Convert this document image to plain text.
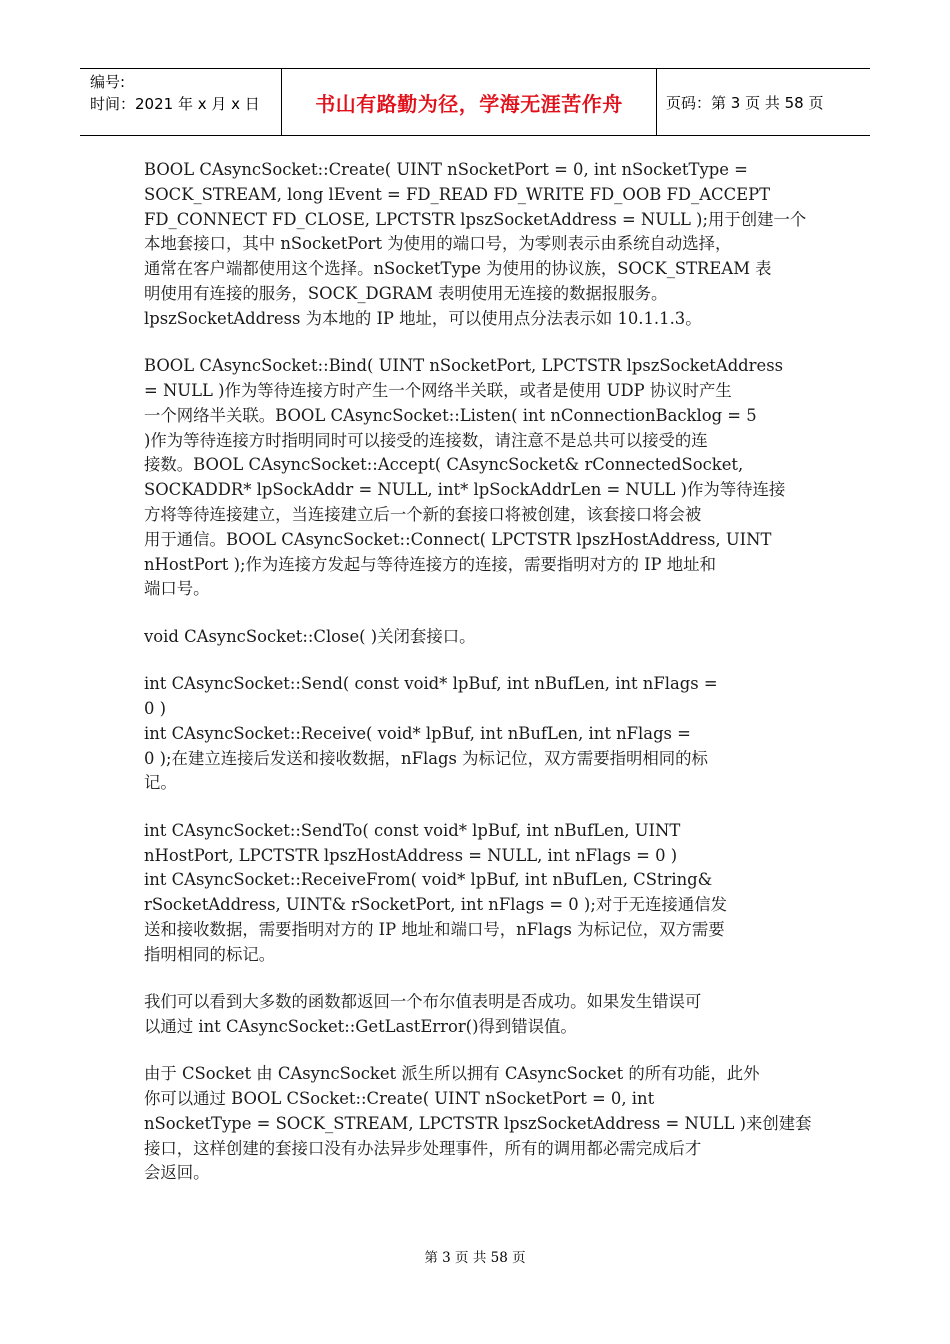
编号:
时间：2021 年 x 月 x 日	书山有路勤为径，学海无涯苦作舟	页码：第 3 页 共 58 页

BOOL CAsyncSocket::Create( UINT nSocketPort = 0, int nSocketType =
SOCK_STREAM, long lEvent = FD_READ FD_WRITE FD_OOB FD_ACCEPT
FD_CONNECT FD_CLOSE, LPCTSTR lpszSocketAddress = NULL );用于创建一个
本地套接口，其中 nSocketPort 为使用的端口号，为零则表示由系统自动选择，
通常在客户端都使用这个选择。nSocketType 为使用的协议族，SOCK_STREAM 表
明使用有连接的服务，SOCK_DGRAM 表明使用无连接的数据报服务。
lpszSocketAddress 为本地的 IP 地址，可以使用点分法表示如 10.1.1.3。

BOOL CAsyncSocket::Bind( UINT nSocketPort, LPCTSTR lpszSocketAddress
= NULL )作为等待连接方时产生一个网络半关联，或者是使用 UDP 协议时产生
一个网络半关联。BOOL CAsyncSocket::Listen( int nConnectionBacklog = 5
)作为等待连接方时指明同时可以接受的连接数，请注意不是总共可以接受的连
接数。BOOL CAsyncSocket::Accept( CAsyncSocket& rConnectedSocket,
SOCKADDR* lpSockAddr = NULL, int* lpSockAddrLen = NULL )作为等待连接
方将等待连接建立，当连接建立后一个新的套接口将被创建，该套接口将会被
用于通信。BOOL CAsyncSocket::Connect( LPCTSTR lpszHostAddress, UINT
nHostPort );作为连接方发起与等待连接方的连接，需要指明对方的 IP 地址和
端口号。

void CAsyncSocket::Close( )关闭套接口。

int CAsyncSocket::Send( const void* lpBuf, int nBufLen, int nFlags =
0 )
int CAsyncSocket::Receive( void* lpBuf, int nBufLen, int nFlags =
0 );在建立连接后发送和接收数据，nFlags 为标记位，双方需要指明相同的标
记。

int CAsyncSocket::SendTo( const void* lpBuf, int nBufLen, UINT
nHostPort, LPCTSTR lpszHostAddress = NULL, int nFlags = 0 )
int CAsyncSocket::ReceiveFrom( void* lpBuf, int nBufLen, CString&
rSocketAddress, UINT& rSocketPort, int nFlags = 0 );对于无连接通信发
送和接收数据，需要指明对方的 IP 地址和端口号，nFlags 为标记位，双方需要
指明相同的标记。

我们可以看到大多数的函数都返回一个布尔值表明是否成功。如果发生错误可
以通过 int CAsyncSocket::GetLastError()得到错误值。

由于 CSocket 由 CAsyncSocket 派生所以拥有 CAsyncSocket 的所有功能，此外
你可以通过 BOOL CSocket::Create( UINT nSocketPort = 0, int
nSocketType = SOCK_STREAM, LPCTSTR lpszSocketAddress = NULL )来创建套
接口，这样创建的套接口没有办法异步处理事件，所有的调用都必需完成后才
会返回。

第 3 页 共 58 页
